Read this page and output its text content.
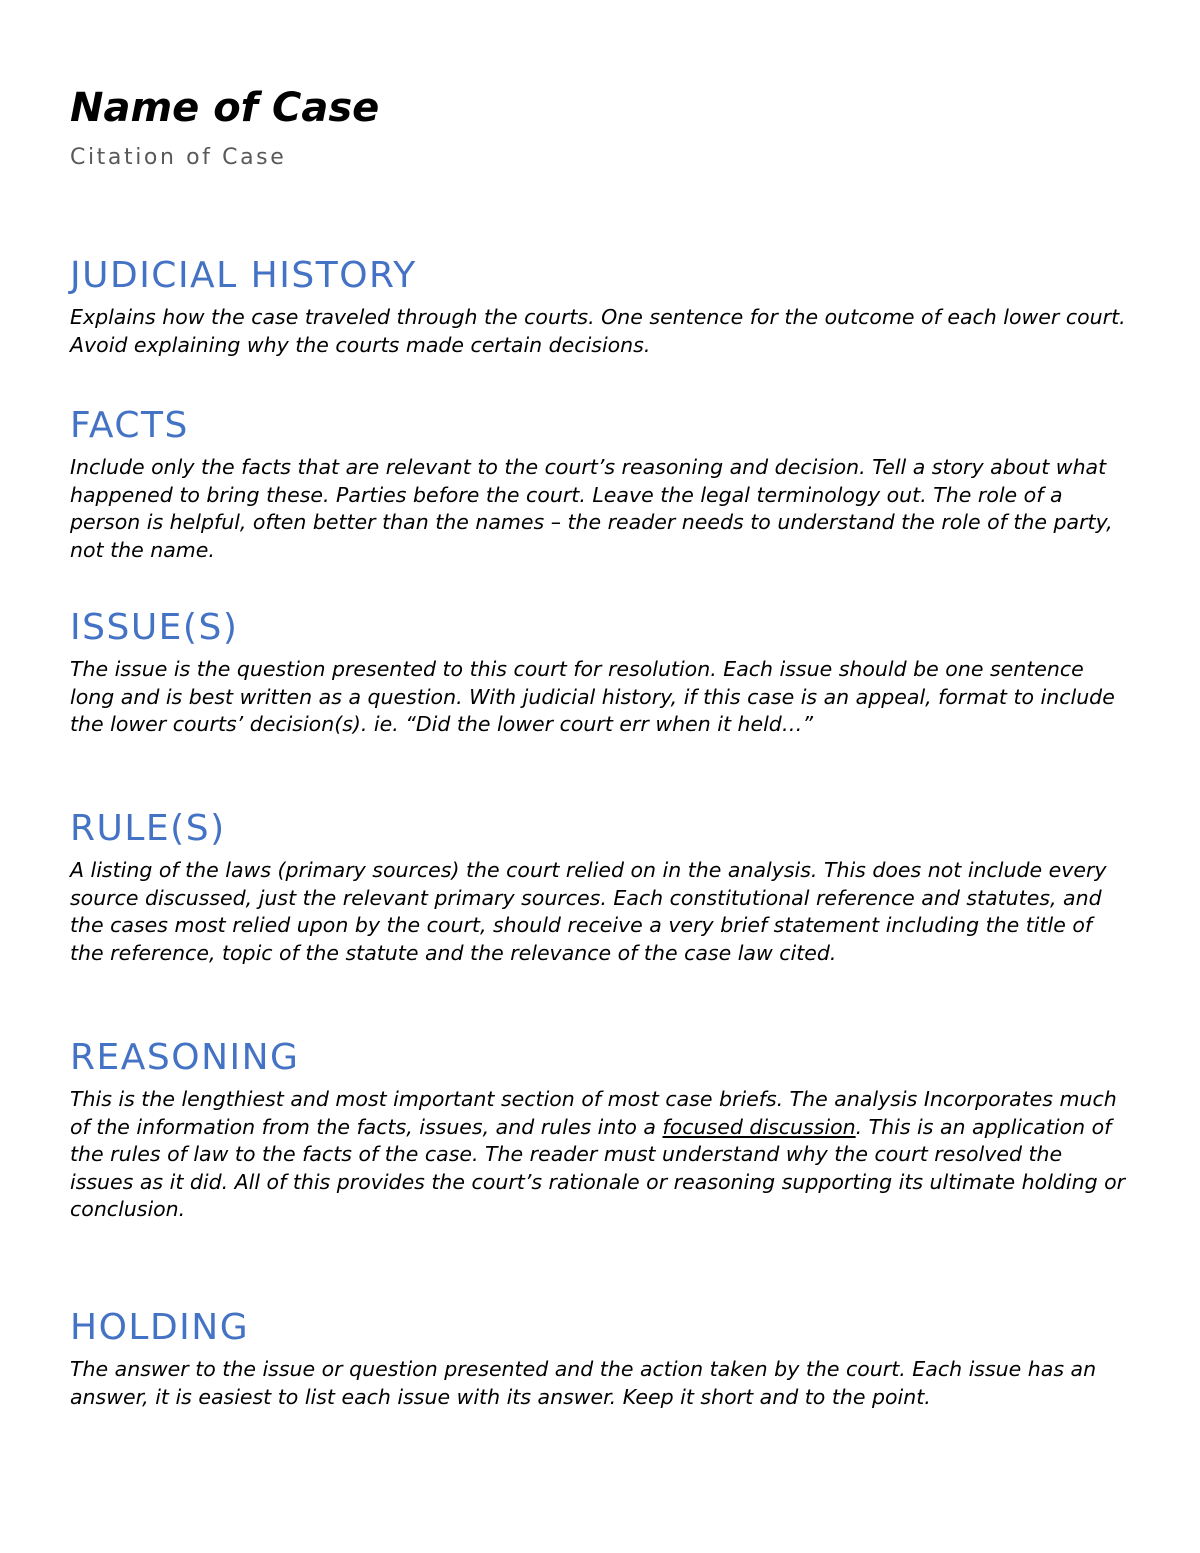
Name of Case

Citation of Case

JUDICIAL HISTORY

Explains how the case traveled through the courts. One sentence for the outcome of each lower court. Avoid explaining why the courts made certain decisions.

FACTS

Include only the facts that are relevant to the court’s reasoning and decision. Tell a story about what happened to bring these. Parties before the court. Leave the legal terminology out. The role of a person is helpful, often better than the names – the reader needs to understand the role of the party, not the name.

ISSUE(S)

The issue is the question presented to this court for resolution. Each issue should be one sentence long and is best written as a question. With judicial history, if this case is an appeal, format to include the lower courts’ decision(s). ie. “Did the lower court err when it held…”

RULE(S)

A listing of the laws (primary sources) the court relied on in the analysis. This does not include every source discussed, just the relevant primary sources. Each constitutional reference and statutes, and the cases most relied upon by the court, should receive a very brief statement including the title of the reference, topic of the statute and the relevance of the case law cited.

REASONING

This is the lengthiest and most important section of most case briefs. The analysis Incorporates much of the information from the facts, issues, and rules into a focused discussion. This is an application of the rules of law to the facts of the case. The reader must understand why the court resolved the issues as it did. All of this provides the court’s rationale or reasoning supporting its ultimate holding or conclusion.

HOLDING

The answer to the issue or question presented and the action taken by the court. Each issue has an answer, it is easiest to list each issue with its answer. Keep it short and to the point.
